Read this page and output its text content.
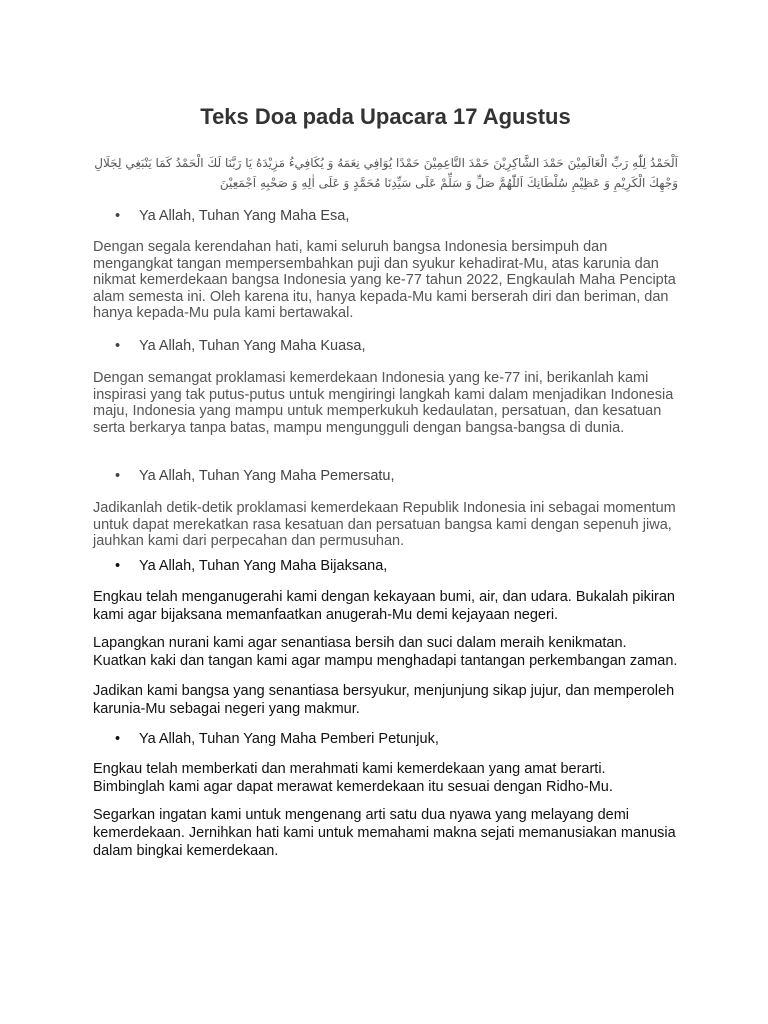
Teks Doa pada Upacara 17 Agustus

اَلْحَمْدُ لِلّٰهِ رَبِّ الْعَالَمِيْنَ حَمْدَ الشَّاكِرِيْنَ حَمْدَ النَّاعِمِيْنَ حَمْدًا يُوَافِي نِعَمَهُ وَ يُكَافِيءُ مَزِيْدَهُ يَا رَبَّنَا لَكَ الْحَمْدُ كَمَا يَنْبَغِي لِجَلَالِ وَجْهِكَ الْكَرِيْمِ وَ عَظِيْمِ سُلْطَانِكَ اَللّٰهُمَّ صَلِّ وَ سَلِّمْ عَلَى سَيِّدِنَا مُحَمَّدٍ وَ عَلَى اٰلِهِ وَ صَحْبِهِ اَجْمَعِيْنَ

• Ya Allah, Tuhan Yang Maha Esa,

Dengan segala kerendahan hati, kami seluruh bangsa Indonesia bersimpuh dan mengangkat tangan mempersembahkan puji dan syukur kehadirat-Mu, atas karunia dan nikmat kemerdekaan bangsa Indonesia yang ke-77 tahun 2022, Engkaulah Maha Pencipta alam semesta ini. Oleh karena itu, hanya kepada-Mu kami berserah diri dan beriman, dan hanya kepada-Mu pula kami bertawakal.

• Ya Allah, Tuhan Yang Maha Kuasa,

Dengan semangat proklamasi kemerdekaan Indonesia yang ke-77 ini, berikanlah kami inspirasi yang tak putus-putus untuk mengiringi langkah kami dalam menjadikan Indonesia maju, Indonesia yang mampu untuk memperkukuh kedaulatan, persatuan, dan kesatuan serta berkarya tanpa batas, mampu mengungguli dengan bangsa-bangsa di dunia.

• Ya Allah, Tuhan Yang Maha Pemersatu,

Jadikanlah detik-detik proklamasi kemerdekaan Republik Indonesia ini sebagai momentum untuk dapat merekatkan rasa kesatuan dan persatuan bangsa kami dengan sepenuh jiwa, jauhkan kami dari perpecahan dan permusuhan.

• Ya Allah, Tuhan Yang Maha Bijaksana,

Engkau telah menganugerahi kami dengan kekayaan bumi, air, dan udara. Bukalah pikiran kami agar bijaksana memanfaatkan anugerah-Mu demi kejayaan negeri.

Lapangkan nurani kami agar senantiasa bersih dan suci dalam meraih kenikmatan. Kuatkan kaki dan tangan kami agar mampu menghadapi tantangan perkembangan zaman.

Jadikan kami bangsa yang senantiasa bersyukur, menjunjung sikap jujur, dan memperoleh karunia-Mu sebagai negeri yang makmur.

• Ya Allah, Tuhan Yang Maha Pemberi Petunjuk,

Engkau telah memberkati dan merahmati kami kemerdekaan yang amat berarti. Bimbinglah kami agar dapat merawat kemerdekaan itu sesuai dengan Ridho-Mu.

Segarkan ingatan kami untuk mengenang arti satu dua nyawa yang melayang demi kemerdekaan. Jernihkan hati kami untuk memahami makna sejati memanusiakan manusia dalam bingkai kemerdekaan.
